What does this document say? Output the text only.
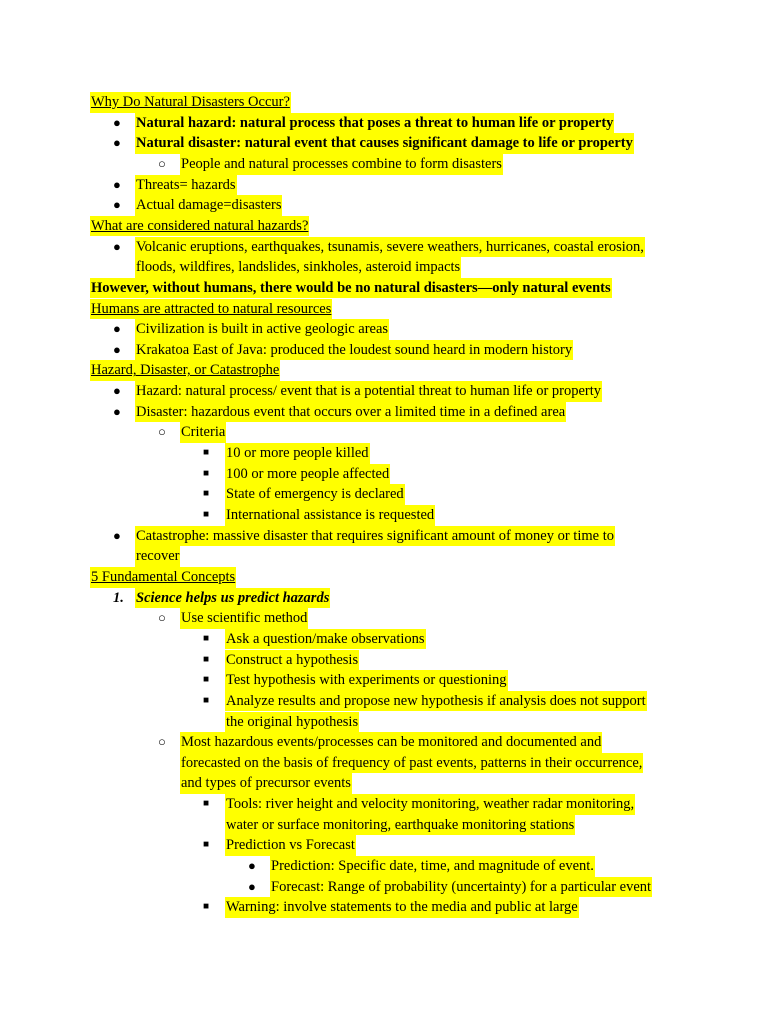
Why Do Natural Disasters Occur?
● Natural hazard: natural process that poses a threat to human life or property
● Natural disaster: natural event that causes significant damage to life or property
○ People and natural processes combine to form disasters
● Threats= hazards
● Actual damage=disasters
What are considered natural hazards?
● Volcanic eruptions, earthquakes, tsunamis, severe weathers, hurricanes, coastal erosion,
floods, wildfires, landslides, sinkholes, asteroid impacts
However, without humans, there would be no natural disasters—only natural events
Humans are attracted to natural resources
● Civilization is built in active geologic areas
● Krakatoa East of Java: produced the loudest sound heard in modern history
Hazard, Disaster, or Catastrophe
● Hazard: natural process/ event that is a potential threat to human life or property
● Disaster: hazardous event that occurs over a limited time in a defined area
○ Criteria
■ 10 or more people killed
■ 100 or more people affected
■ State of emergency is declared
■ International assistance is requested
● Catastrophe: massive disaster that requires significant amount of money or time to
recover
5 Fundamental Concepts
1. Science helps us predict hazards
○ Use scientific method
■ Ask a question/make observations
■ Construct a hypothesis
■ Test hypothesis with experiments or questioning
■ Analyze results and propose new hypothesis if analysis does not support
the original hypothesis
○ Most hazardous events/processes can be monitored and documented and
forecasted on the basis of frequency of past events, patterns in their occurrence,
and types of precursor events
■ Tools: river height and velocity monitoring, weather radar monitoring,
water or surface monitoring, earthquake monitoring stations
■ Prediction vs Forecast
● Prediction: Specific date, time, and magnitude of event.
● Forecast: Range of probability (uncertainty) for a particular event
■ Warning: involve statements to the media and public at large
